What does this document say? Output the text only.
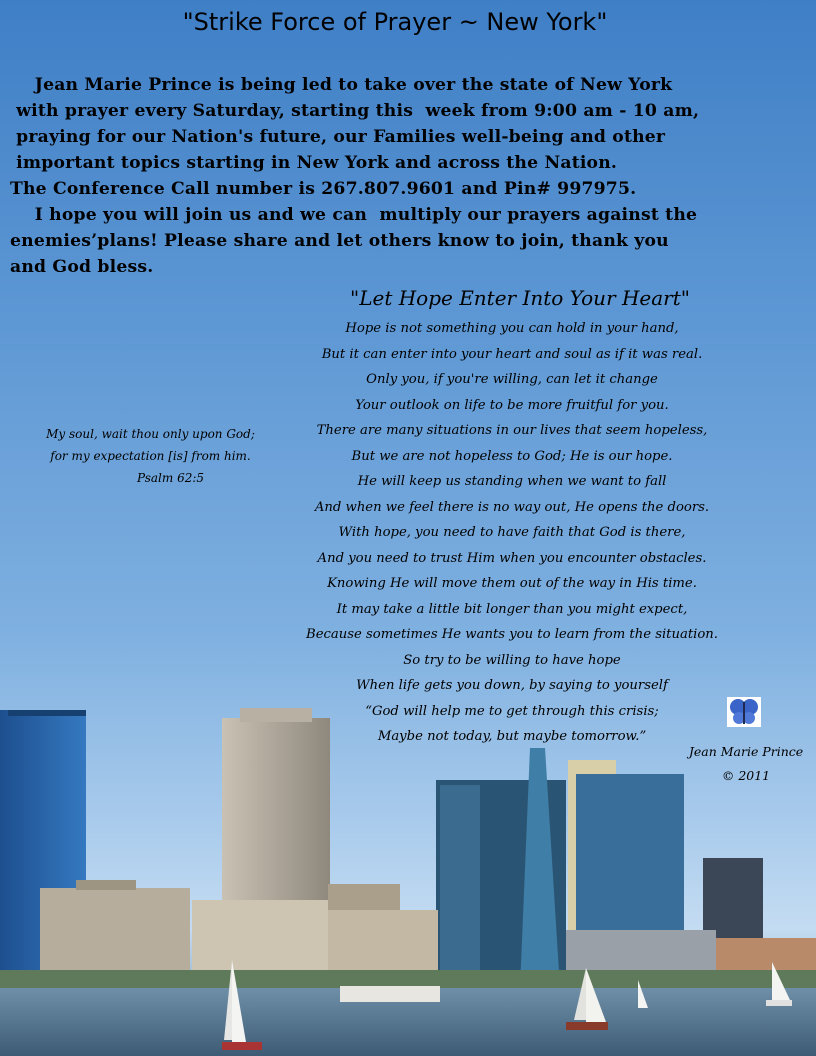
"Strike Force of Prayer ~ New York"
Jean Marie Prince is being led to take over the state of New York
with prayer every Saturday, starting this  week from 9:00 am - 10 am,
praying for our Nation's future, our Families well-being and other
important topics starting in New York and across the Nation.
The Conference Call number is 267.807.9601 and Pin# 997975.
I hope you will join us and we can  multiply our prayers against the
enemies’plans! Please share and let others know to join, thank you
and God bless.
"Let Hope Enter Into Your Heart"
Hope is not something you can hold in your hand,
But it can enter into your heart and soul as if it was real.
Only you, if you're willing, can let it change
Your outlook on life to be more fruitful for you.
There are many situations in our lives that seem hopeless,
But we are not hopeless to God; He is our hope.
He will keep us standing when we want to fall
And when we feel there is no way out, He opens the doors.
With hope, you need to have faith that God is there,
And you need to trust Him when you encounter obstacles.
Knowing He will move them out of the way in His time.
It may take a little bit longer than you might expect,
Because sometimes He wants you to learn from the situation.
So try to be willing to have hope
When life gets you down, by saying to yourself
“God will help me to get through this crisis;
Maybe not today, but maybe tomorrow.”
My soul, wait thou only upon God;
for my expectation [is] from him.
Psalm 62:5
Jean Marie Prince
© 2011
